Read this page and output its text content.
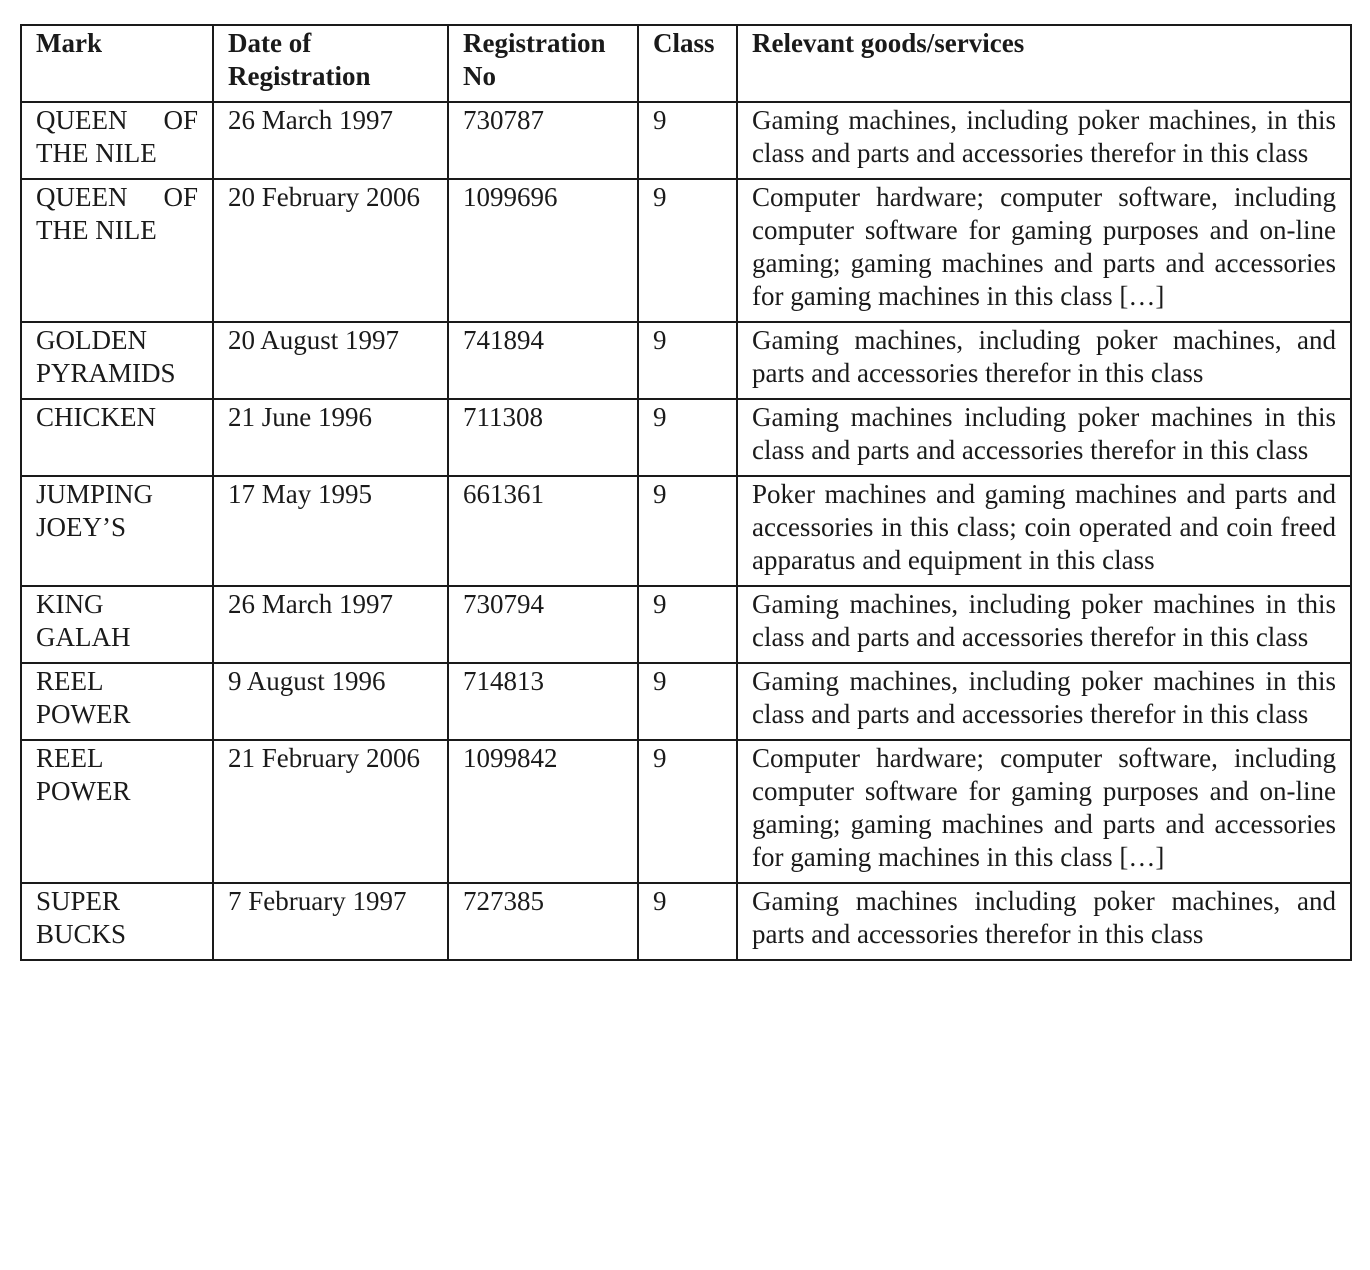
Mark	Date of Registration	Registration No	Class	Relevant goods/services
QUEEN OF THE NILE	26 March 1997	730787	9	Gaming machines, including poker machines, in this class and parts and accessories therefor in this class
QUEEN OF THE NILE	20 February 2006	1099696	9	Computer hardware; computer software, including computer software for gaming purposes and on-line gaming; gaming machines and parts and accessories for gaming machines in this class […]
GOLDEN PYRAMIDS	20 August 1997	741894	9	Gaming machines, including poker machines, and parts and accessories therefor in this class
CHICKEN	21 June 1996	711308	9	Gaming machines including poker machines in this class and parts and accessories therefor in this class
JUMPING JOEY’S	17 May 1995	661361	9	Poker machines and gaming machines and parts and accessories in this class; coin operated and coin freed apparatus and equipment in this class
KING GALAH	26 March 1997	730794	9	Gaming machines, including poker machines in this class and parts and accessories therefor in this class
REEL POWER	9 August 1996	714813	9	Gaming machines, including poker machines in this class and parts and accessories therefor in this class
REEL POWER	21 February 2006	1099842	9	Computer hardware; computer software, including computer software for gaming purposes and on-line gaming; gaming machines and parts and accessories for gaming machines in this class […]
SUPER BUCKS	7 February 1997	727385	9	Gaming machines including poker machines, and parts and accessories therefor in this class
